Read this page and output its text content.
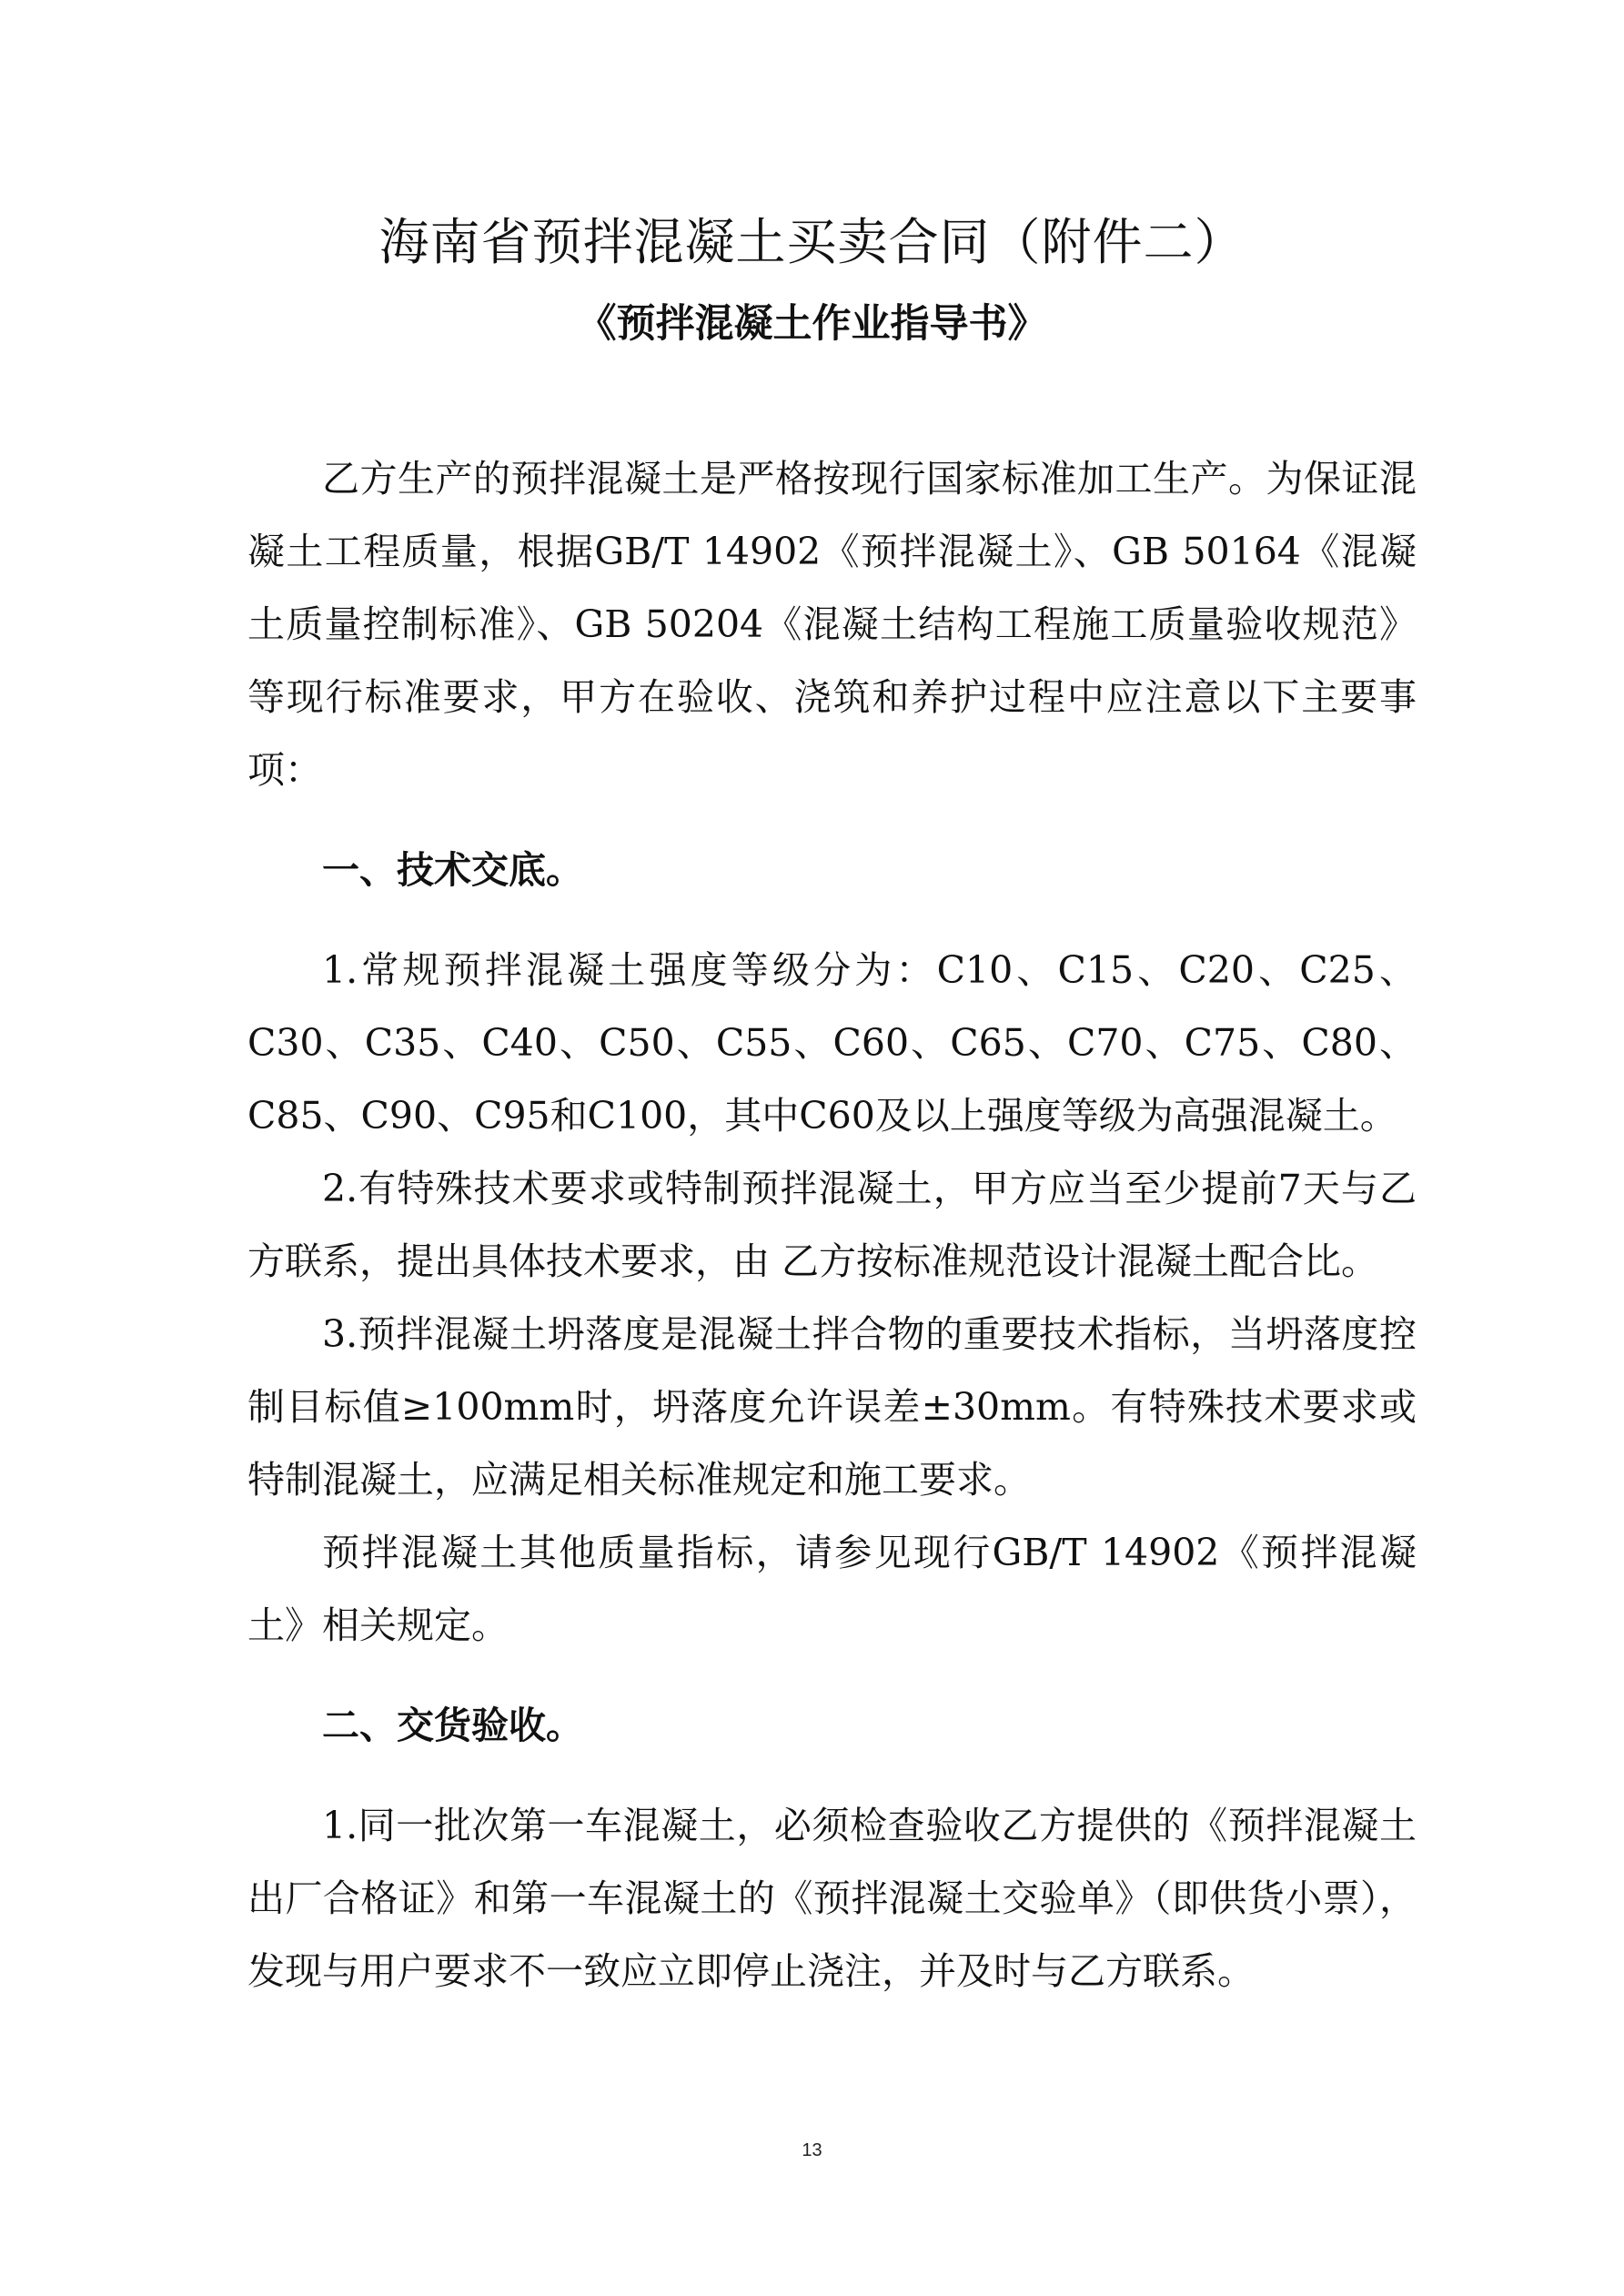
海南省预拌混凝土买卖合同（附件二）
《预拌混凝土作业指导书》

乙方生产的预拌混凝土是严格按现行国家标准加工生产。为保证混凝土工程质量，根据GB/T 14902《预拌混凝土》、GB 50164《混凝土质量控制标准》、GB 50204《混凝土结构工程施工质量验收规范》等现行标准要求，甲方在验收、浇筑和养护过程中应注意以下主要事项：

一、技术交底。

1.常规预拌混凝土强度等级分为：C10、C15、C20、C25、C30、C35、C40、C50、C55、C60、C65、C70、C75、C80、C85、C90、C95和C100，其中C60及以上强度等级为高强混凝土。

2.有特殊技术要求或特制预拌混凝土，甲方应当至少提前7天与乙方联系，提出具体技术要求，由 乙方按标准规范设计混凝土配合比。

3.预拌混凝土坍落度是混凝土拌合物的重要技术指标，当坍落度控制目标值≥100mm时，坍落度允许误差±30mm。有特殊技术要求或特制混凝土，应满足相关标准规定和施工要求。

预拌混凝土其他质量指标，请参见现行GB/T 14902《预拌混凝土》相关规定。

二、交货验收。

1.同一批次第一车混凝土，必须检查验收乙方提供的《预拌混凝土出厂合格证》和第一车混凝土的《预拌混凝土交验单》（即供货小票），发现与用户要求不一致应立即停止浇注，并及时与乙方联系。

13
